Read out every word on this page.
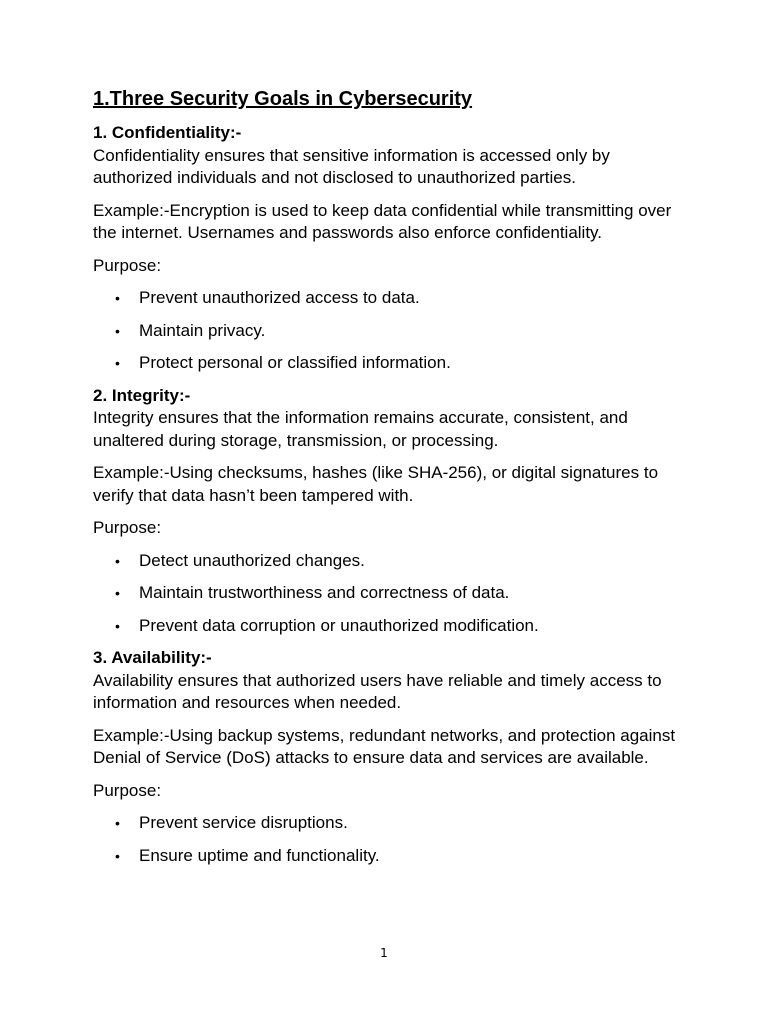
1.Three Security Goals in Cybersecurity

1. Confidentiality:-

Confidentiality ensures that sensitive information is accessed only by authorized individuals and not disclosed to unauthorized parties.

Example:-Encryption is used to keep data confidential while transmitting over the internet. Usernames and passwords also enforce confidentiality.

Purpose:

• Prevent unauthorized access to data.
• Maintain privacy.
• Protect personal or classified information.

2. Integrity:-

Integrity ensures that the information remains accurate, consistent, and unaltered during storage, transmission, or processing.

Example:-Using checksums, hashes (like SHA-256), or digital signatures to verify that data hasn’t been tampered with.

Purpose:

• Detect unauthorized changes.
• Maintain trustworthiness and correctness of data.
• Prevent data corruption or unauthorized modification.

3. Availability:-

Availability ensures that authorized users have reliable and timely access to information and resources when needed.

Example:-Using backup systems, redundant networks, and protection against Denial of Service (DoS) attacks to ensure data and services are available.

Purpose:

• Prevent service disruptions.
• Ensure uptime and functionality.
1
